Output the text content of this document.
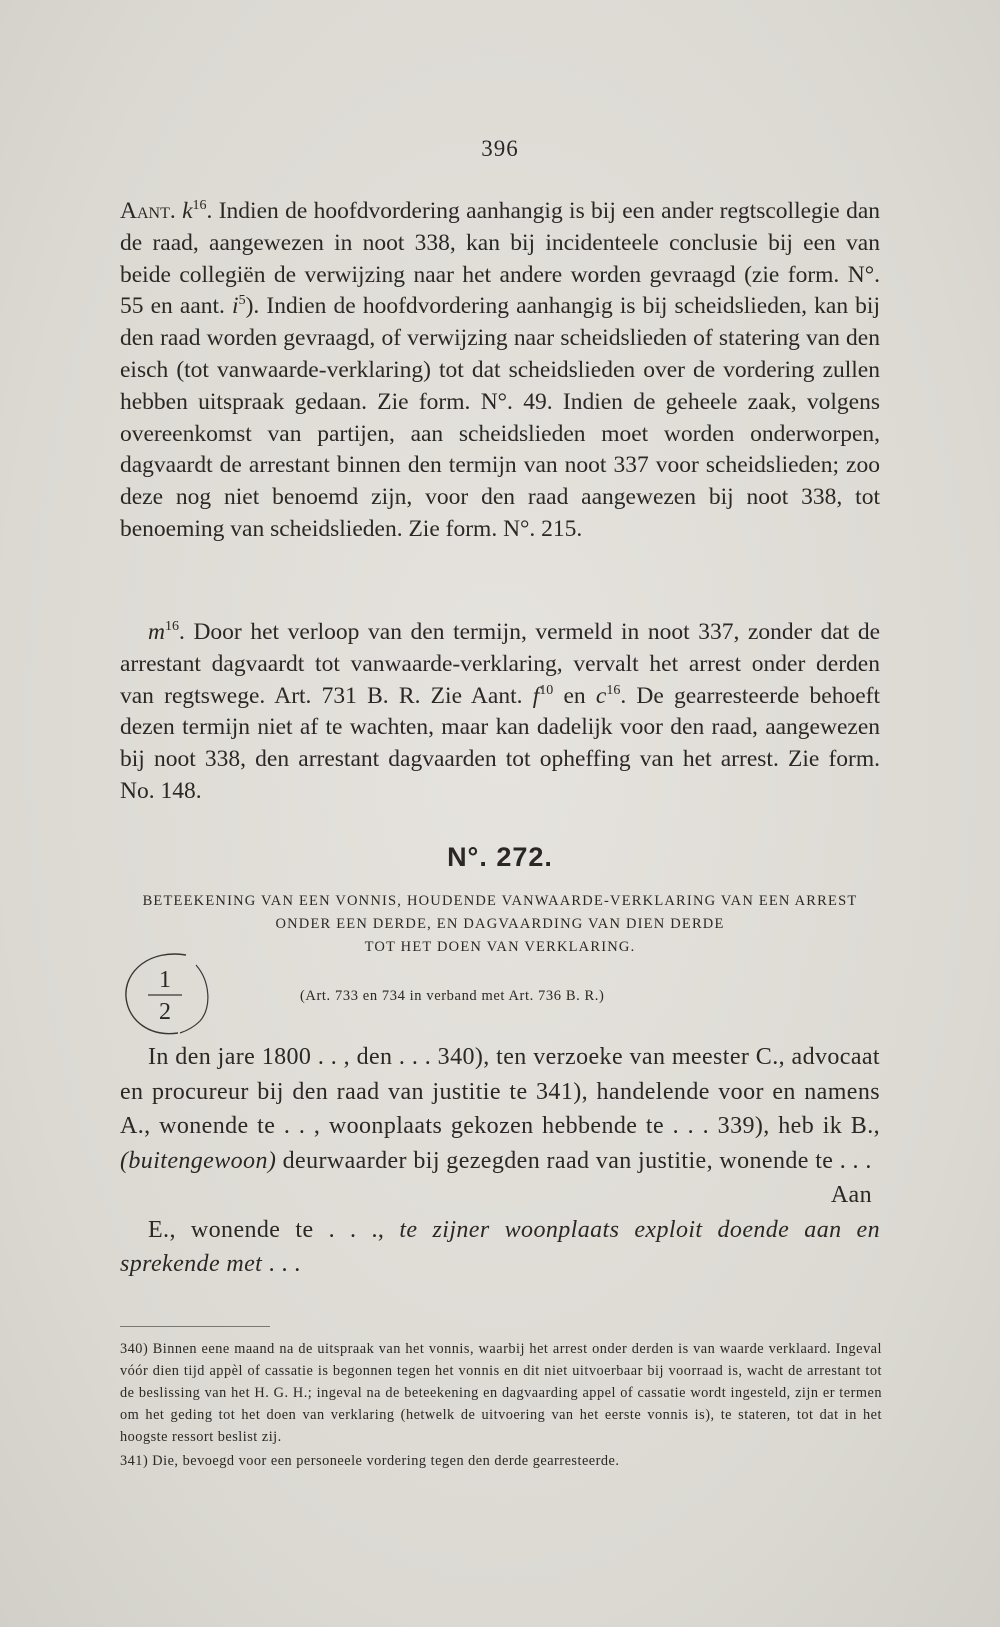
396

Aant. $k^{16}$. Indien de hoofdvordering aanhangig is bij een ander regtscollegie dan de raad, aangewezen in noot 338, kan bij incidenteele conclusie bij een van beide collegiën de verwijzing naar het andere worden gevraagd (zie form. N°. 55 en aant. $i^5$). Indien de hoofdvordering aanhangig is bij scheidslieden, kan bij den raad worden gevraagd, of verwijzing naar scheidslieden of statering van den eisch (tot vanwaarde-verklaring) tot dat scheidslieden over de vordering zullen hebben uitspraak gedaan. Zie form. N°. 49. Indien de geheele zaak, volgens overeenkomst van partijen, aan scheidslieden moet worden onderworpen, dagvaardt de arrestant binnen den termijn van noot 337 voor scheidslieden; zoo deze nog niet benoemd zijn, voor den raad aangewezen bij noot 338, tot benoeming van scheidslieden. Zie form. N°. 215.

$m^{16}$. Door het verloop van den termijn, vermeld in noot 337, zonder dat de arrestant dagvaardt tot vanwaarde-verklaring, vervalt het arrest onder derden van regtswege. Art. 731 B. R. Zie Aant. $f^{10}$ en $c^{16}$. De gearresteerde behoeft dezen termijn niet af te wachten, maar kan dadelijk voor den raad, aangewezen bij noot 338, den arrestant dagvaarden tot opheffing van het arrest. Zie form. No. 148.

N°. 272.
BETEEKENING VAN EEN VONNIS, HOUDENDE VANWAARDE-VERKLARING VAN EEN ARREST ONDER EEN DERDE, EN DAGVAARDING VAN DIEN DERDE
TOT HET DOEN VAN VERKLARING.
1
2
(Art. 733 en 734 in verband met Art. 736 B. R.)

In den jare 1800 . . , den . . . 340), ten verzoeke van meester C., advocaat en procureur bij den raad van justitie te 341), handelende voor en namens A., wonende te . . , woonplaats gekozen hebbende te . . . 339), heb ik B., (buitengewoon) deurwaarder bij gezegden raad van justitie, wonende te . . .

Aan

E., wonende te . . ., te zijner woonplaats exploit doende aan en sprekende met . . .

340) Binnen eene maand na de uitspraak van het vonnis, waarbij het arrest onder derden is van waarde verklaard. Ingeval vóór dien tijd appèl of cassatie is begonnen tegen het vonnis en dit niet uitvoerbaar bij voorraad is, wacht de arrestant tot de beslissing van het H. G. H.; ingeval na de beteekening en dagvaarding appel of cassatie wordt ingesteld, zijn er termen om het geding tot het doen van verklaring (hetwelk de uitvoering van het eerste vonnis is), te stateren, tot dat in het hoogste ressort beslist zij.

341) Die, bevoegd voor een personeele vordering tegen den derde gearresteerde.
